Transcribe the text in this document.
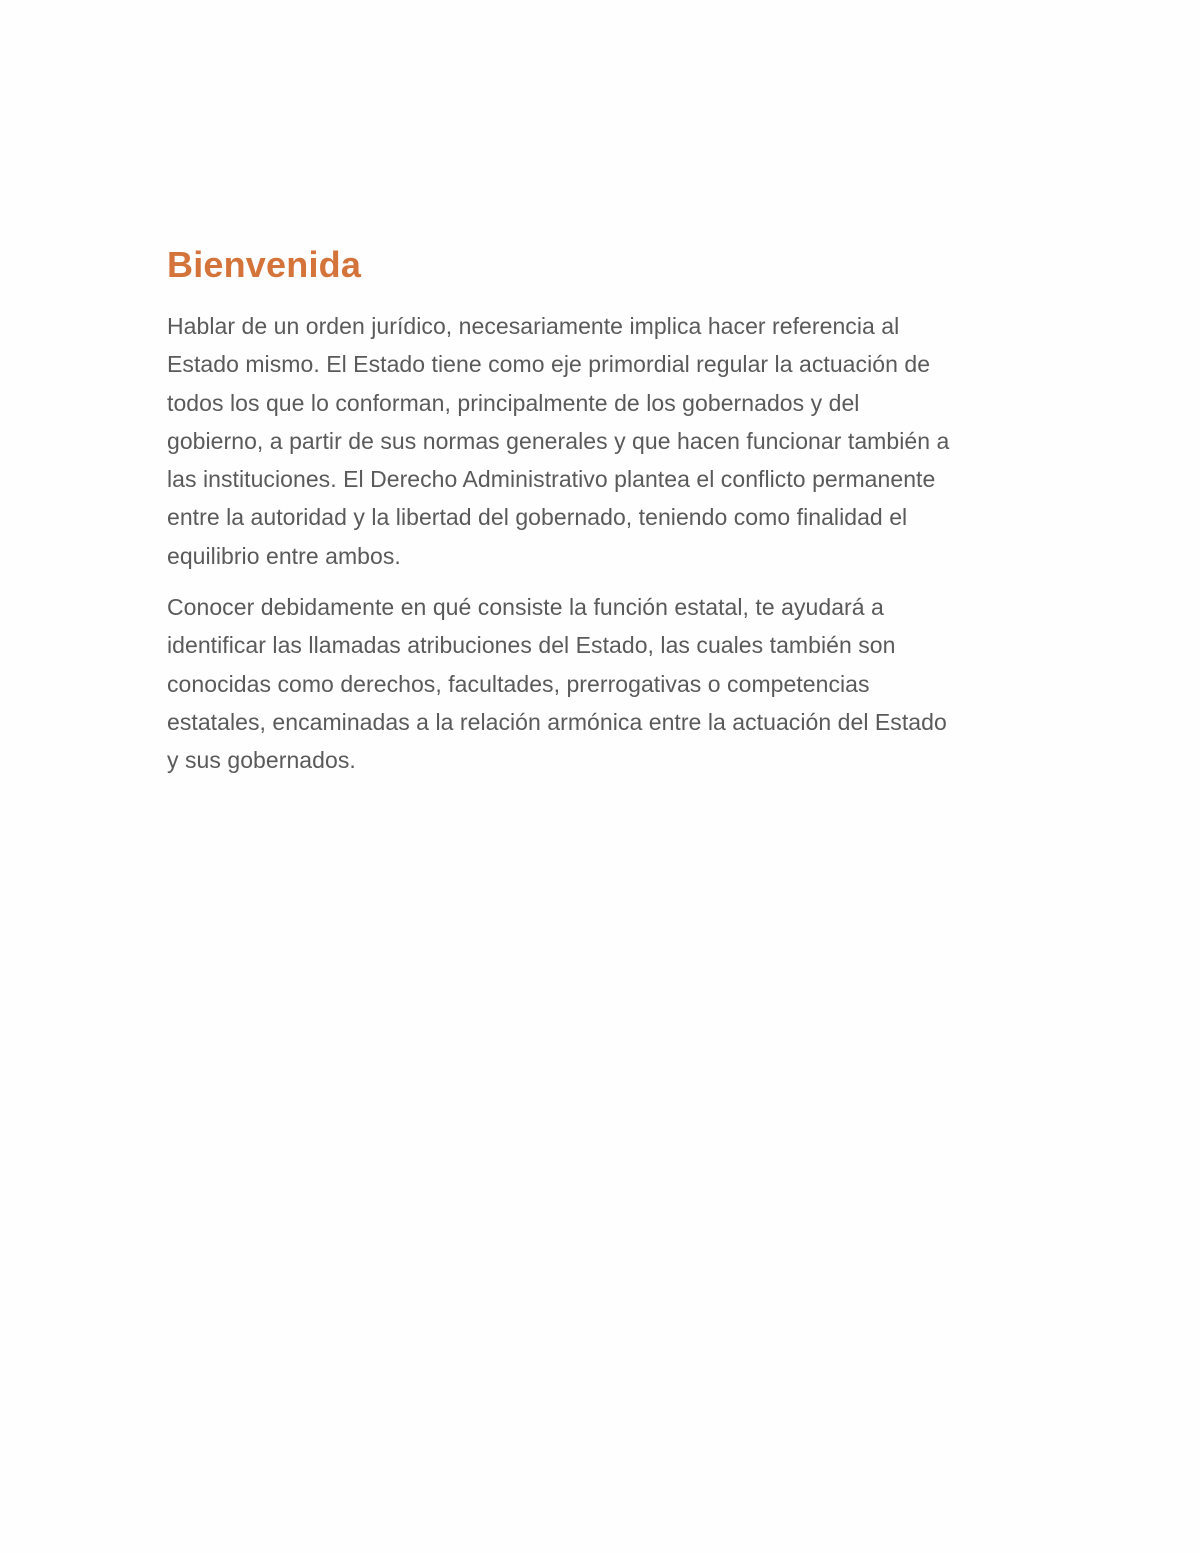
Bienvenida

Hablar de un orden jurídico, necesariamente implica hacer referencia al
Estado mismo. El Estado tiene como eje primordial regular la actuación de
todos los que lo conforman, principalmente de los gobernados y del
gobierno, a partir de sus normas generales y que hacen funcionar también a
las instituciones. El Derecho Administrativo plantea el conflicto permanente
entre la autoridad y la libertad del gobernado, teniendo como finalidad el
equilibrio entre ambos.

Conocer debidamente en qué consiste la función estatal, te ayudará a
identificar las llamadas atribuciones del Estado, las cuales también son
conocidas como derechos, facultades, prerrogativas o competencias
estatales, encaminadas a la relación armónica entre la actuación del Estado
y sus gobernados.
